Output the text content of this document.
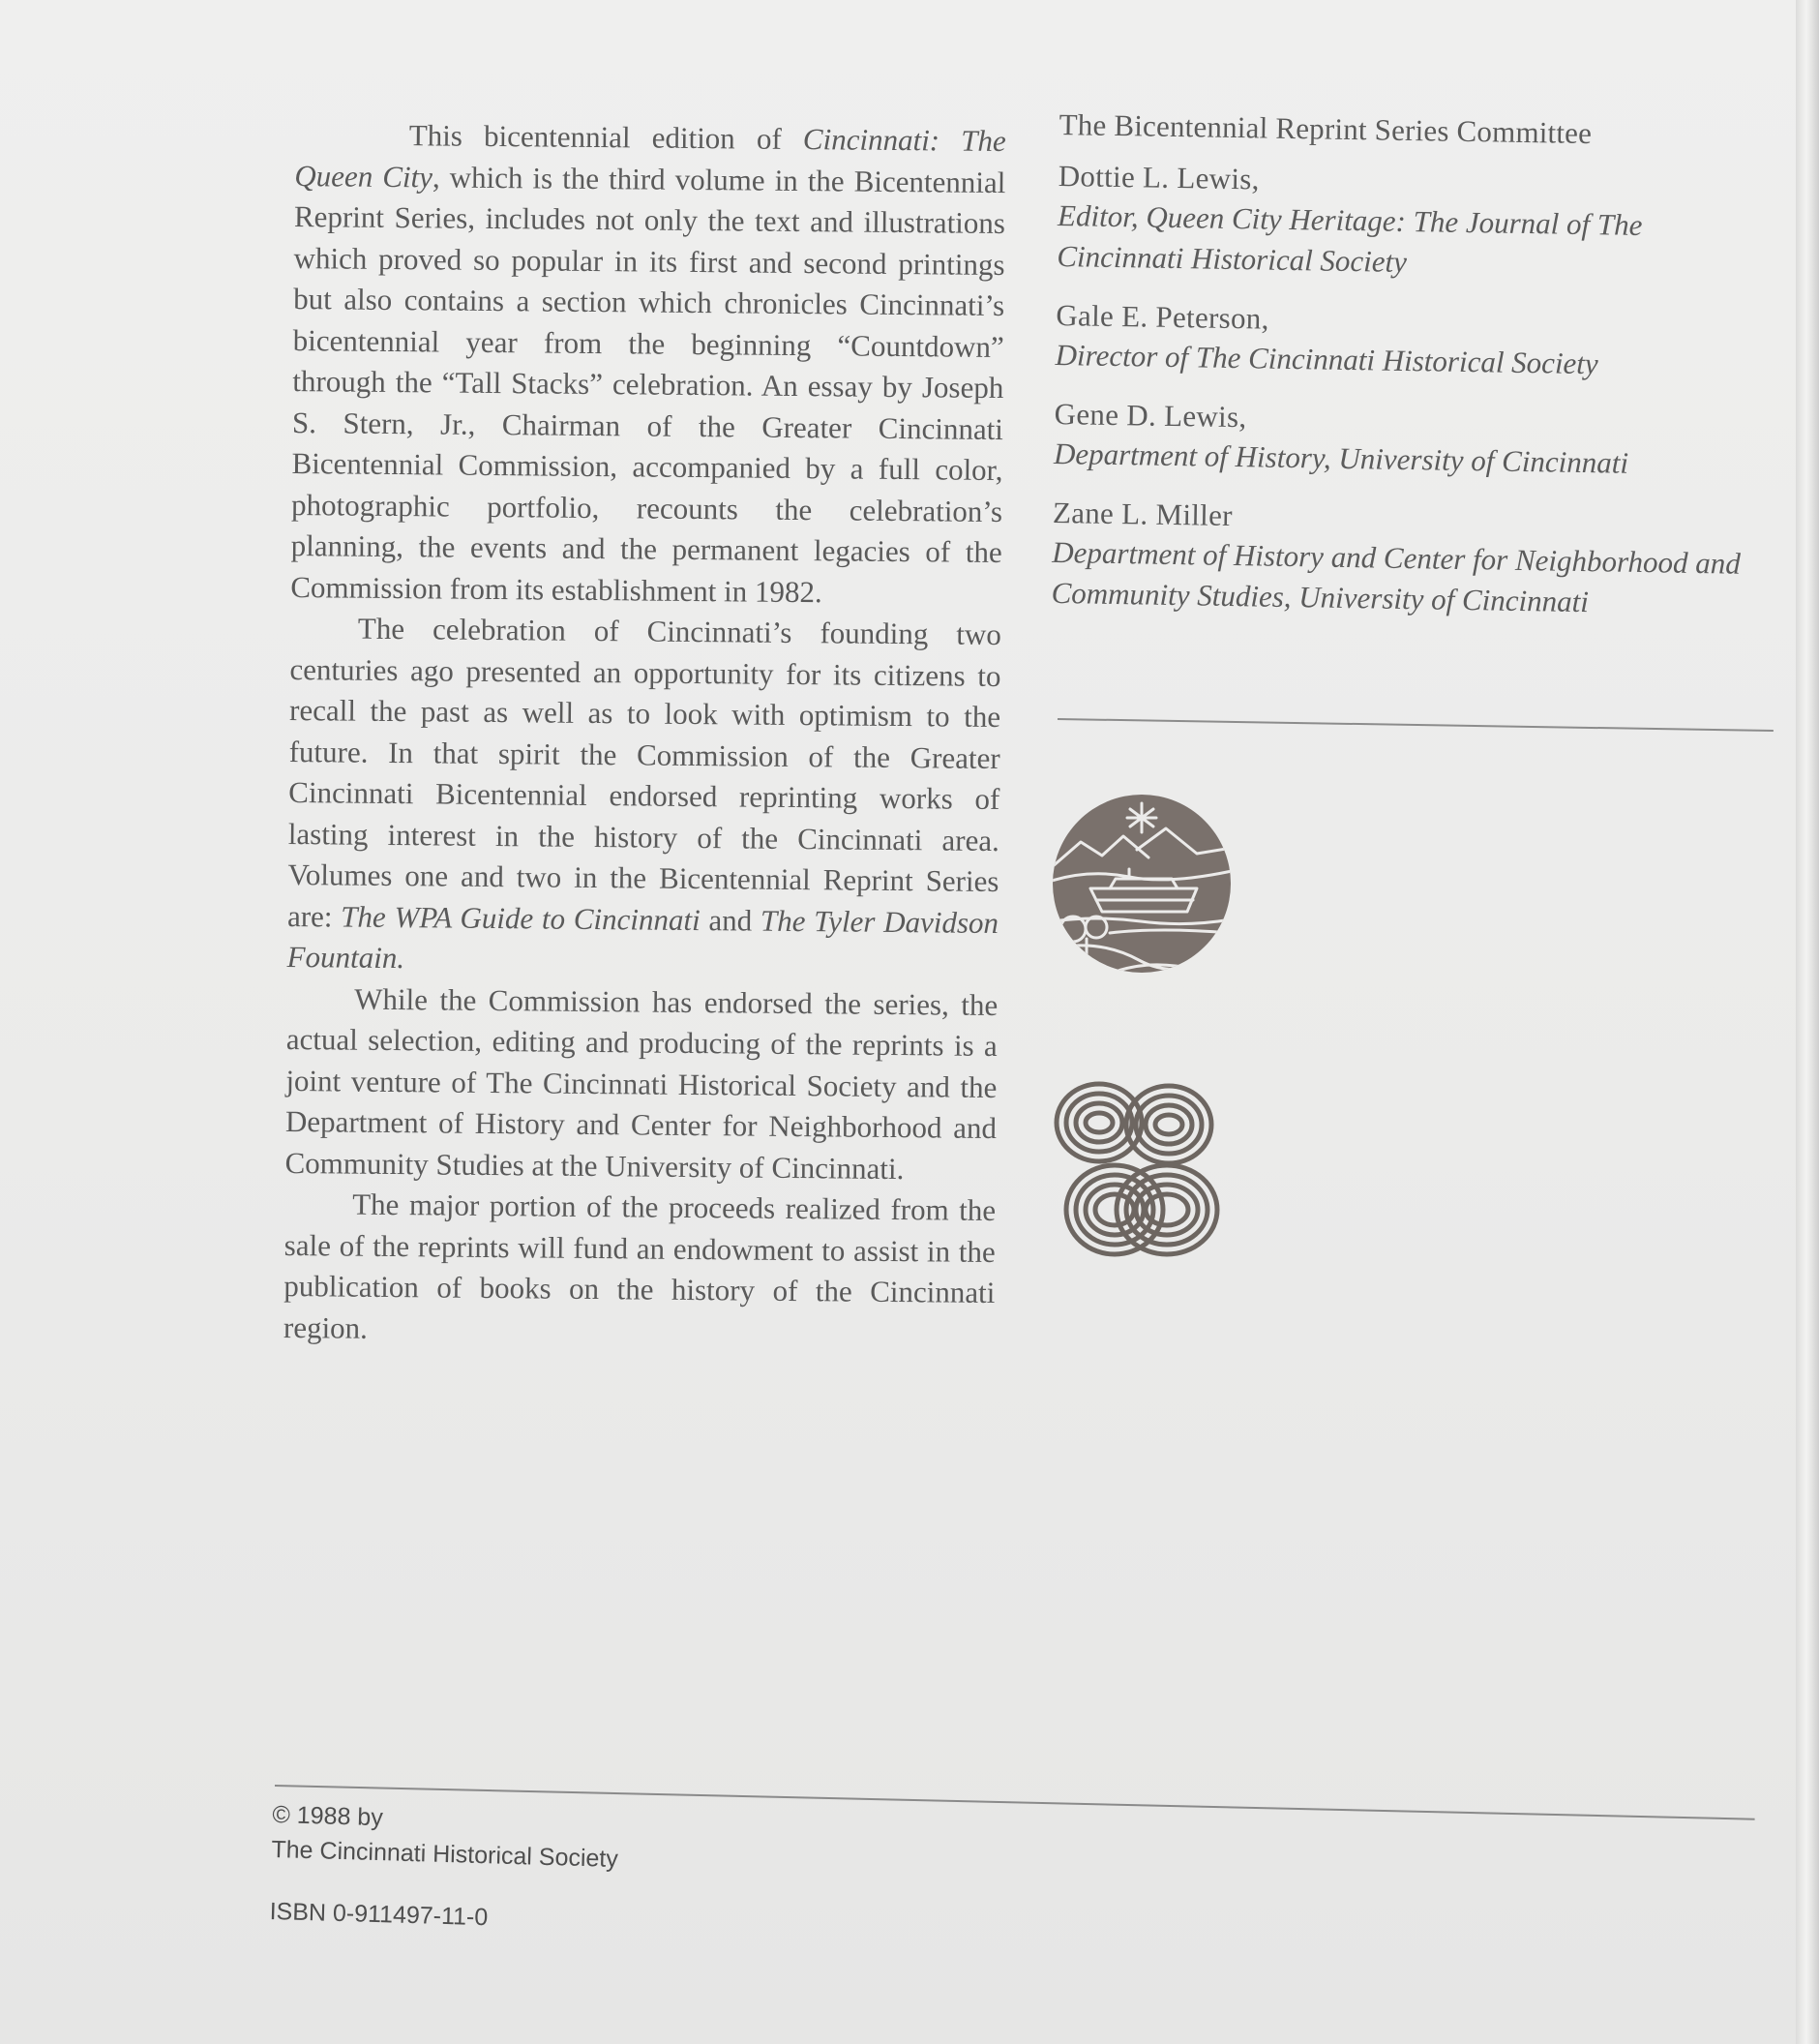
This bicentennial edition of Cincinnati: The Queen City, which is the third volume in the Bicentennial Reprint Series, includes not only the text and illustrations which proved so popular in its first and second printings but also contains a section which chronicles Cincinnati’s bicentennial year from the beginning “Countdown” through the “Tall Stacks” celebration. An essay by Joseph S. Stern, Jr., Chairman of the Greater Cincinnati Bicentennial Commission, accompanied by a full color, photographic portfolio, recounts the celebration’s planning, the events and the permanent legacies of the Commission from its establishment in 1982.

The celebration of Cincinnati’s founding two centuries ago presented an opportunity for its citizens to recall the past as well as to look with optimism to the future. In that spirit the Commission of the Greater Cincinnati Bicentennial endorsed reprinting works of lasting interest in the history of the Cincinnati area. Volumes one and two in the Bicentennial Reprint Series are: The WPA Guide to Cincinnati and The Tyler Davidson Fountain.

While the Commission has endorsed the series, the actual selection, editing and producing of the reprints is a joint venture of The Cincinnati Historical Society and the Department of History and Center for Neighborhood and Community Studies at the University of Cincinnati.

The major portion of the proceeds realized from the sale of the reprints will fund an endowment to assist in the publication of books on the history of the Cincinnati region.

The Bicentennial Reprint Series Committee
Dottie L. Lewis,
Editor, Queen City Heritage: The Journal of The Cincinnati Historical Society
Gale E. Peterson,
Director of The Cincinnati Historical Society
Gene D. Lewis,
Department of History, University of Cincinnati
Zane L. Miller
Department of History and Center for Neighborhood and Community Studies, University of Cincinnati
© 1988 by
The Cincinnati Historical Society
ISBN 0-911497-11-0
